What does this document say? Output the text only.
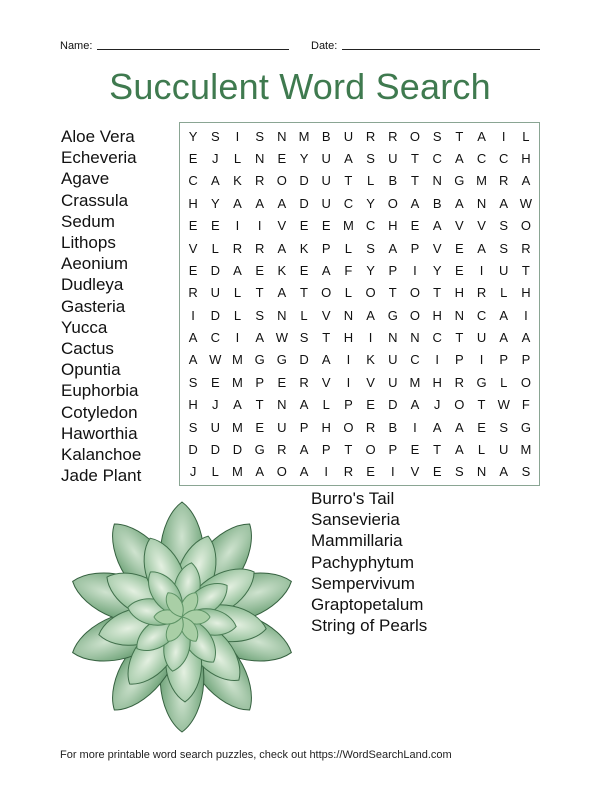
Name:	Date:
Succulent Word Search
Aloe Vera
Echeveria
Agave
Crassula
Sedum
Lithops
Aeonium
Dudleya
Gasteria
Yucca
Cactus
Opuntia
Euphorbia
Cotyledon
Haworthia
Kalanchoe
Jade Plant
Y	S	I	S	N M B	U R R O S	T	A	I	L
E	J	L	N	E	Y	U	A	S	U	T	C	A	C C H
C	A	K	R O D U	T	L	B	T	N G M R	A
H	Y	A	A	A	D U C	Y O A	B	A	N	A W
E	E	I	I	V	E	E M C H	E	A	V	V	S O
V	L	R R	A	K	P	L	S	A	P	V	E	A	S	R
E	D	A	E	K	E	A	F	Y	P	I	Y	E	I	U	T
R U	L	T	A	T	O	L	O	T	O	T	H R	L	H
I	D	L	S	N	L	V	N	A G O H N C	A	I
A	C	I	A W S	T	H	I	N N C	T	U	A	A
A W M G G D	A	I	K	U C	I	P	I	P	P
S	E M P	E	R	V	I	V	U M H R G	L	O
H	J	A	T	N	A	L	P	E	D	A	J	O	T W F
S	U M E	U	P	H O R	B	I	A	A	E	S G
D D D G R	A	P	T	O P	E	T	A	L	U M
J	L	M A O A	I	R	E	I	V	E	S	N	A	S
Burro's Tail
Sansevieria
Mammillaria
Pachyphytum
Sempervivum
Graptopetalum
String of Pearls
For more printable word search puzzles, check out https://WordSearchLand.com
